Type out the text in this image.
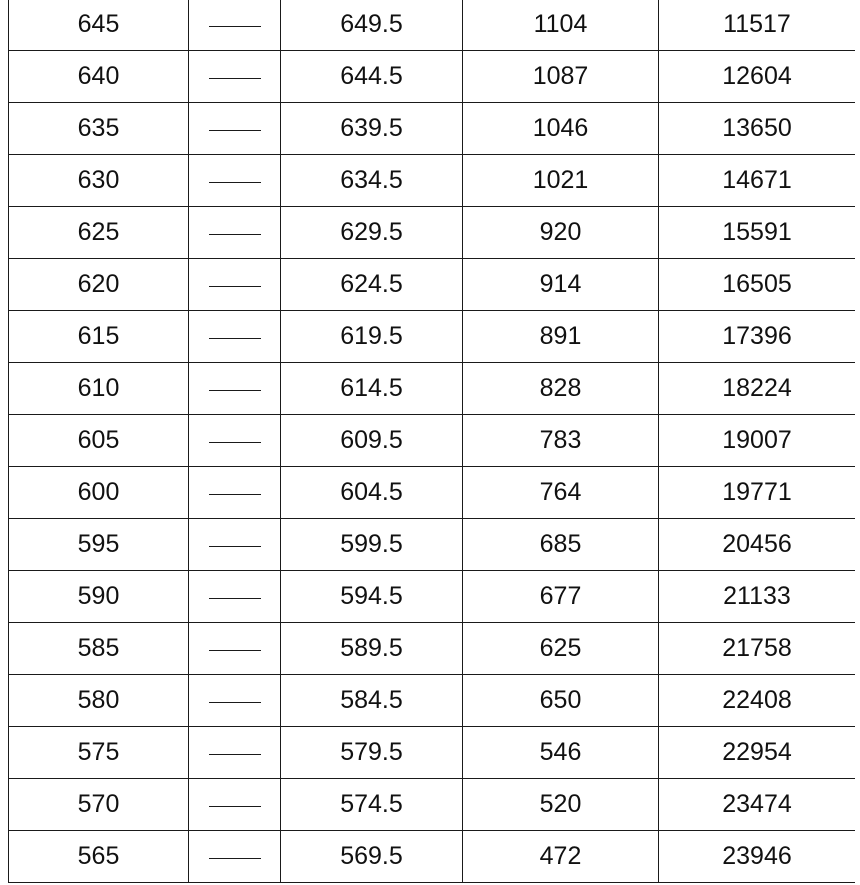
645		649.5	1104	11517
640		644.5	1087	12604
635		639.5	1046	13650
630		634.5	1021	14671
625		629.5	920	15591
620		624.5	914	16505
615		619.5	891	17396
610		614.5	828	18224
605		609.5	783	19007
600		604.5	764	19771
595		599.5	685	20456
590		594.5	677	21133
585		589.5	625	21758
580		584.5	650	22408
575		579.5	546	22954
570		574.5	520	23474
565		569.5	472	23946
